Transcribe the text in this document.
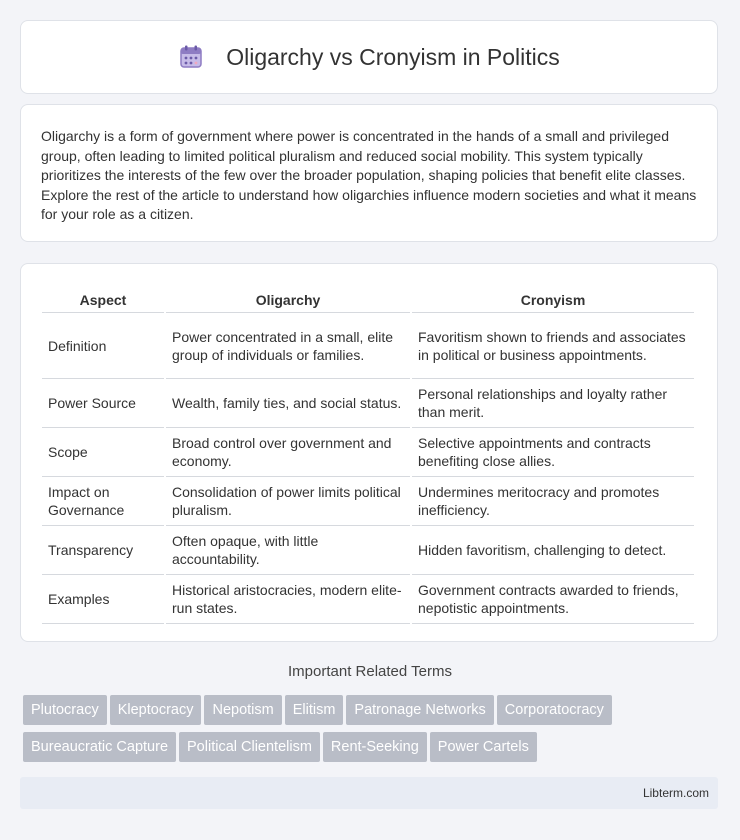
Oligarchy vs Cronyism in Politics

Oligarchy is a form of government where power is concentrated in the hands of a small and privileged group, often leading to limited political pluralism and reduced social mobility. This system typically prioritizes the interests of the few over the broader population, shaping policies that benefit elite classes. Explore the rest of the article to understand how oligarchies influence modern societies and what it means for your role as a citizen.

Aspect	Oligarchy	Cronyism
Definition	Power concentrated in a small, elite group of individuals or families.	Favoritism shown to friends and associates in political or business appointments.
Power Source	Wealth, family ties, and social status.	Personal relationships and loyalty rather than merit.
Scope	Broad control over government and economy.	Selective appointments and contracts benefiting close allies.
Impact on Governance	Consolidation of power limits political pluralism.	Undermines meritocracy and promotes inefficiency.
Transparency	Often opaque, with little accountability.	Hidden favoritism, challenging to detect.
Examples	Historical aristocracies, modern elite-run states.	Government contracts awarded to friends, nepotistic appointments.
Important Related Terms
Plutocracy Kleptocracy Nepotism Elitism Patronage Networks Corporatocracy
Bureaucratic Capture Political Clientelism Rent-Seeking Power Cartels
Libterm.com
